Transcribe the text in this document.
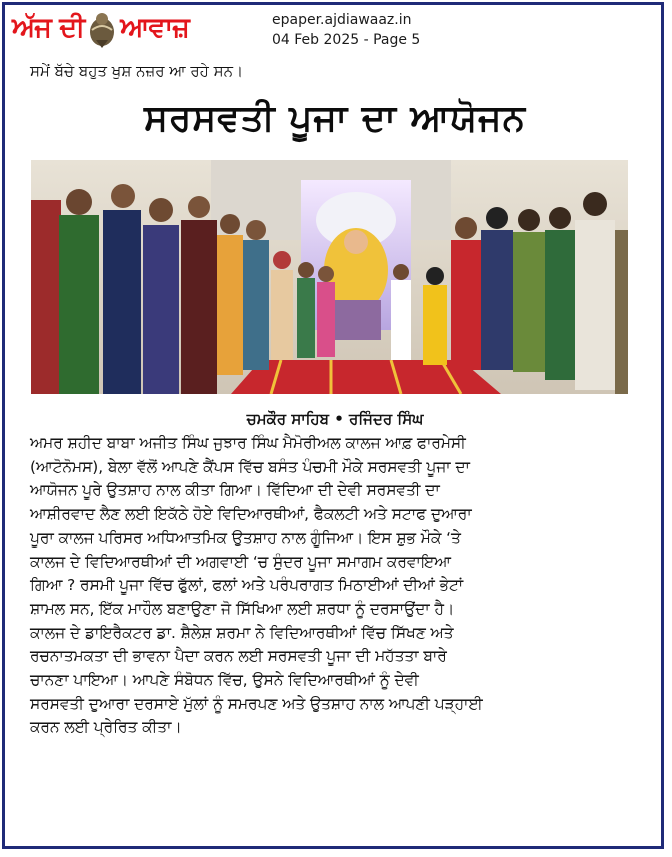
ਅੱਜ ਦੀ ਆਵਾਜ਼	epaper.ajdiawaaz.in
04 Feb 2025 - Page 5
ਸਮੇਂ ਬੱਚੇ ਬਹੁਤ ਖੁਸ਼ ਨਜ਼ਰ ਆ ਰਹੇ ਸਨ।
ਸਰਸਵਤੀ ਪੂਜਾ ਦਾ ਆਯੋਜਨ
ਚਮਕੌਰ ਸਾਹਿਬ • ਰਜਿੰਦਰ ਸਿੰਘ

ਅਮਰ ਸ਼ਹੀਦ ਬਾਬਾ ਅਜੀਤ ਸਿੰਘ ਜੁਝਾਰ ਸਿੰਘ ਮੈਮੋਰੀਅਲ ਕਾਲਜ ਆਫ਼ ਫਾਰਮੇਸੀ
(ਆਟੋਨੋਮਸ), ਬੇਲਾ ਵੱਲੋਂ ਆਪਣੇ ਕੈਂਪਸ ਵਿੱਚ ਬਸੰਤ ਪੰਚਮੀ ਮੌਕੇ ਸਰਸਵਤੀ ਪੂਜਾ ਦਾ
ਆਯੋਜਨ ਪੂਰੇ ਉਤਸ਼ਾਹ ਨਾਲ ਕੀਤਾ ਗਿਆ। ਵਿੱਦਿਆ ਦੀ ਦੇਵੀ ਸਰਸਵਤੀ ਦਾ
ਆਸ਼ੀਰਵਾਦ ਲੈਣ ਲਈ ਇਕੱਠੇ ਹੋਏ ਵਿਦਿਆਰਥੀਆਂ, ਫੈਕਲਟੀ ਅਤੇ ਸਟਾਫ ਦੁਆਰਾ
ਪੂਰਾ ਕਾਲਜ ਪਰਿਸਰ ਅਧਿਆਤਮਿਕ ਉਤਸ਼ਾਹ ਨਾਲ ਗੂੰਜਿਆ। ਇਸ ਸ਼ੁਭ ਮੌਕੇ ‘ਤੇ
ਕਾਲਜ ਦੇ ਵਿਦਿਆਰਥੀਆਂ ਦੀ ਅਗਵਾਈ ‘ਚ ਸੁੰਦਰ ਪੂਜਾ ਸਮਾਗਮ ਕਰਵਾਇਆ
ਗਿਆ ? ਰਸਮੀ ਪੂਜਾ ਵਿੱਚ ਫੁੱਲਾਂ, ਫਲਾਂ ਅਤੇ ਪਰੰਪਰਾਗਤ ਮਿਠਾਈਆਂ ਦੀਆਂ ਭੇਟਾਂ
ਸ਼ਾਮਲ ਸਨ, ਇੱਕ ਮਾਹੌਲ ਬਣਾਉਣਾ ਜੋ ਸਿੱਖਿਆ ਲਈ ਸ਼ਰਧਾ ਨੂੰ ਦਰਸਾਉਂਦਾ ਹੈ।
ਕਾਲਜ ਦੇ ਡਾਇਰੈਕਟਰ ਡਾ. ਸ਼ੈਲੇਸ਼ ਸ਼ਰਮਾ ਨੇ ਵਿਦਿਆਰਥੀਆਂ ਵਿੱਚ ਸਿੱਖਣ ਅਤੇ
ਰਚਨਾਤਮਕਤਾ ਦੀ ਭਾਵਨਾ ਪੈਦਾ ਕਰਨ ਲਈ ਸਰਸਵਤੀ ਪੂਜਾ ਦੀ ਮਹੱਤਤਾ ਬਾਰੇ
ਚਾਨਣਾ ਪਾਇਆ। ਆਪਣੇ ਸੰਬੋਧਨ ਵਿੱਚ, ਉਸਨੇ ਵਿਦਿਆਰਥੀਆਂ ਨੂੰ ਦੇਵੀ
ਸਰਸਵਤੀ ਦੁਆਰਾ ਦਰਸਾਏ ਮੁੱਲਾਂ ਨੂੰ ਸਮਰਪਣ ਅਤੇ ਉਤਸ਼ਾਹ ਨਾਲ ਆਪਣੀ ਪੜ੍ਹਾਈ
ਕਰਨ ਲਈ ਪ੍ਰੇਰਿਤ ਕੀਤਾ।
